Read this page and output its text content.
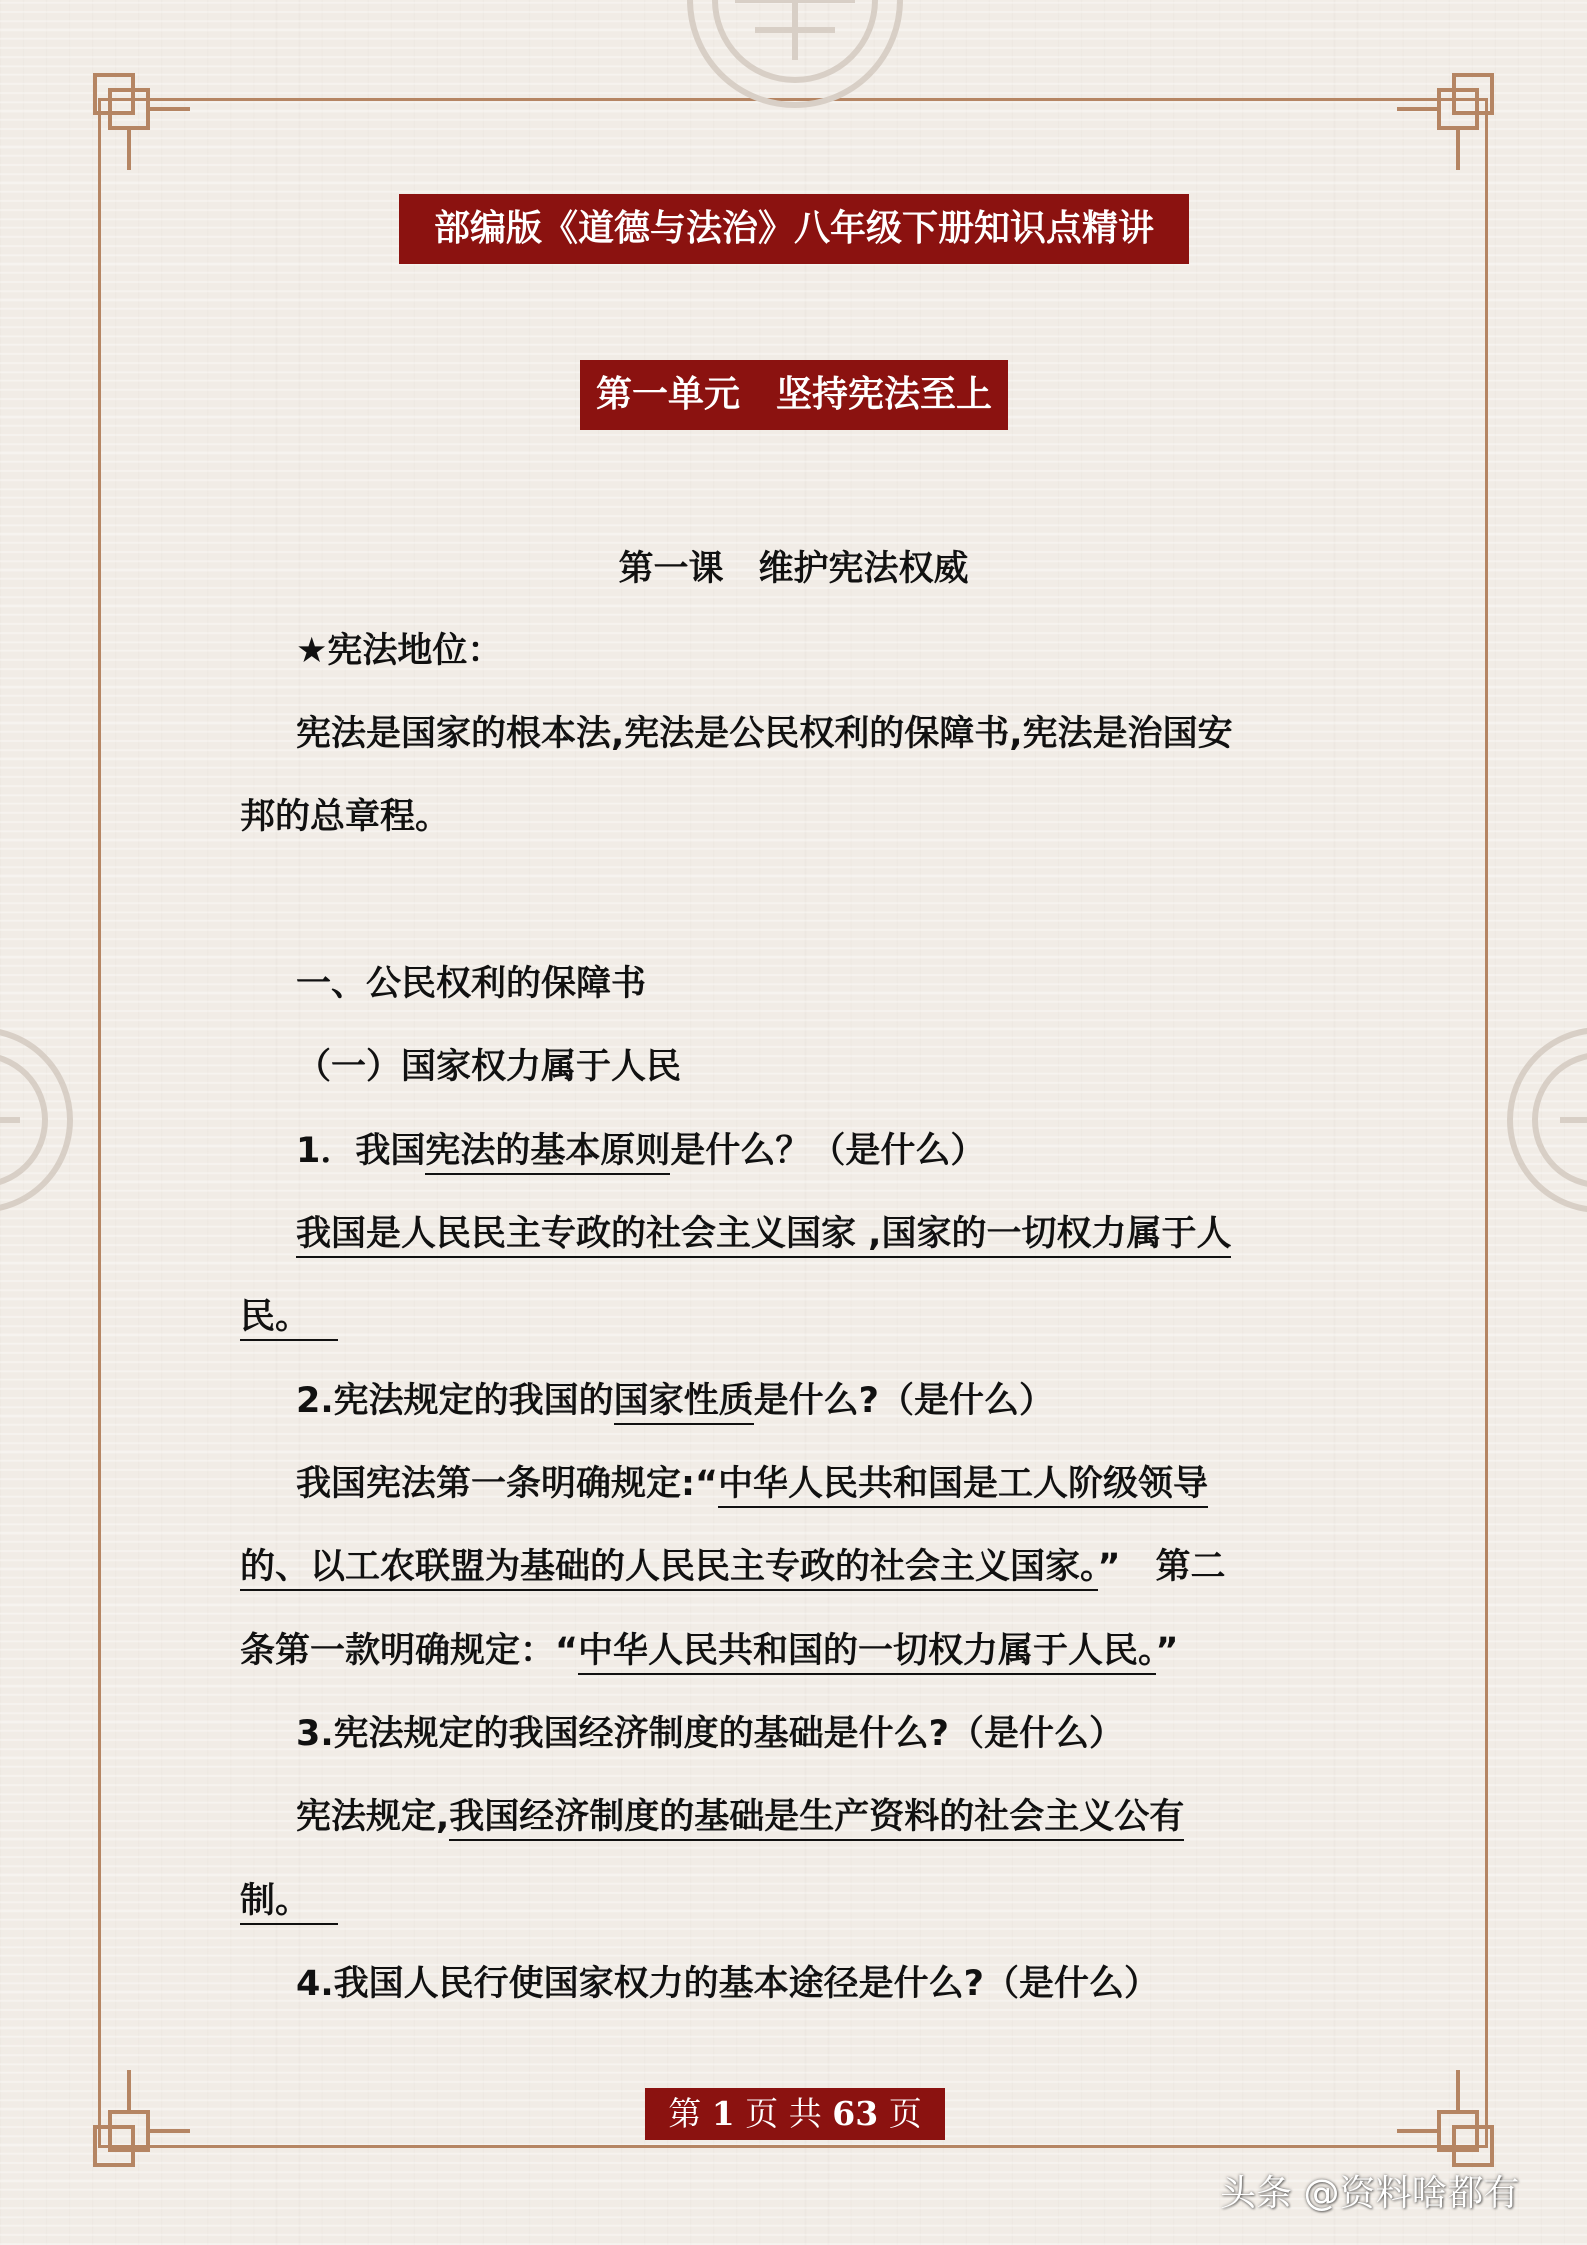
部编版《道德与法治》八年级下册知识点精讲
第一单元　坚持宪法至上
第一课　维护宪法权威
★宪法地位：
宪法是国家的根本法,宪法是公民权利的保障书,宪法是治国安
邦的总章程。
一、公民权利的保障书
（一）国家权力属于人民
1．我国宪法的基本原则是什么？（是什么）
我国是人民民主专政的社会主义国家 ,国家的一切权力属于人
民。
2.宪法规定的我国的国家性质是什么?（是什么）
我国宪法第一条明确规定:“中华人民共和国是工人阶级领导
的、以工农联盟为基础的人民民主专政的社会主义国家。”　第二
条第一款明确规定：“中华人民共和国的一切权力属于人民。”
3.宪法规定的我国经济制度的基础是什么?（是什么）
宪法规定,我国经济制度的基础是生产资料的社会主义公有
制。
4.我国人民行使国家权力的基本途径是什么?（是什么）
第 1 页 共 63 页
头条 @资料啥都有
